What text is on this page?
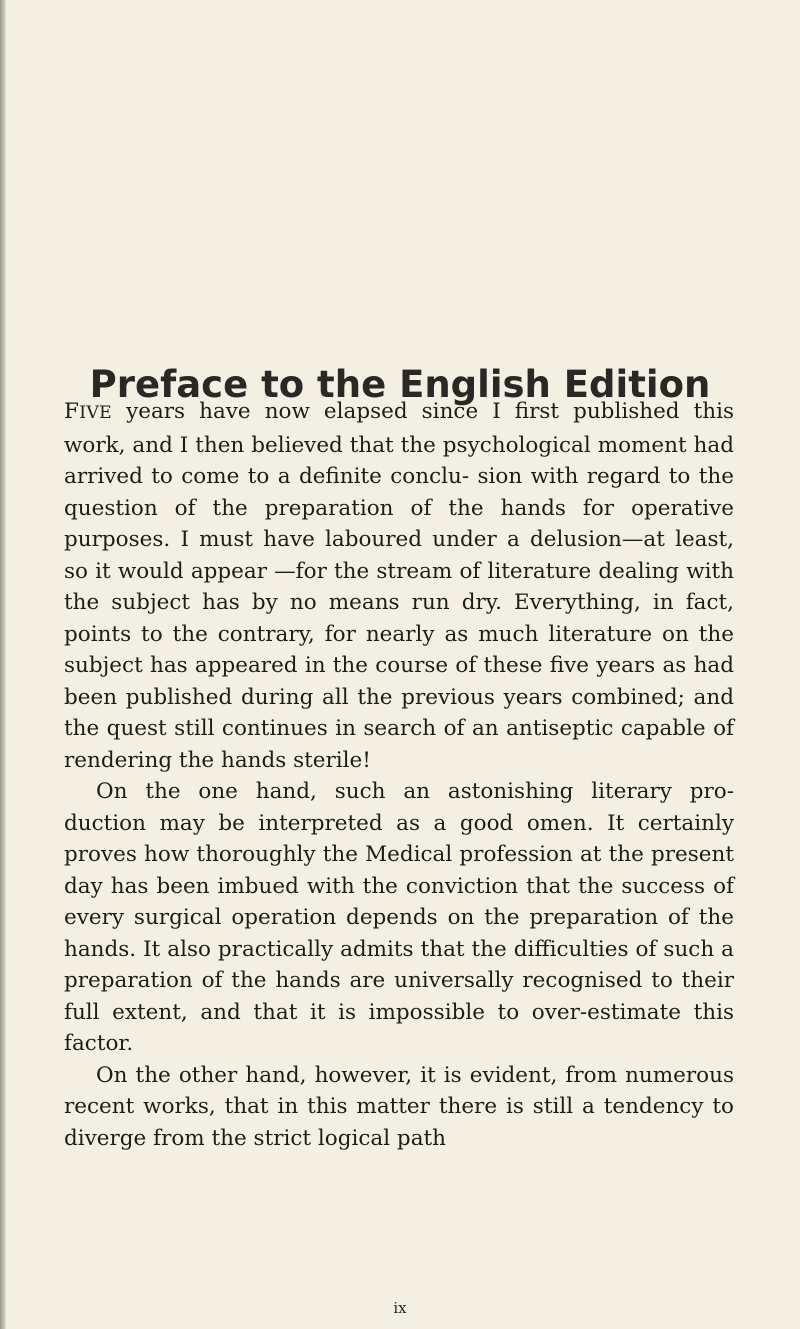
Preface to the English Edition

FIVE years have now elapsed since I first published this work, and I then believed that the psychological moment had arrived to come to a definite conclu- sion with regard to the question of the preparation of the hands for operative purposes. I must have laboured under a delusion—at least, so it would appear —for the stream of literature dealing with the subject has by no means run dry. Everything, in fact, points to the contrary, for nearly as much literature on the subject has appeared in the course of these five years as had been published during all the previous years combined; and the quest still continues in search of an antiseptic capable of rendering the hands sterile!

On the one hand, such an astonishing literary pro- duction may be interpreted as a good omen. It certainly proves how thoroughly the Medical profession at the present day has been imbued with the conviction that the success of every surgical operation depends on the preparation of the hands. It also practically admits that the difficulties of such a preparation of the hands are universally recognised to their full extent, and that it is impossible to over-estimate this factor.

On the other hand, however, it is evident, from numerous recent works, that in this matter there is still a tendency to diverge from the strict logical path

ix
